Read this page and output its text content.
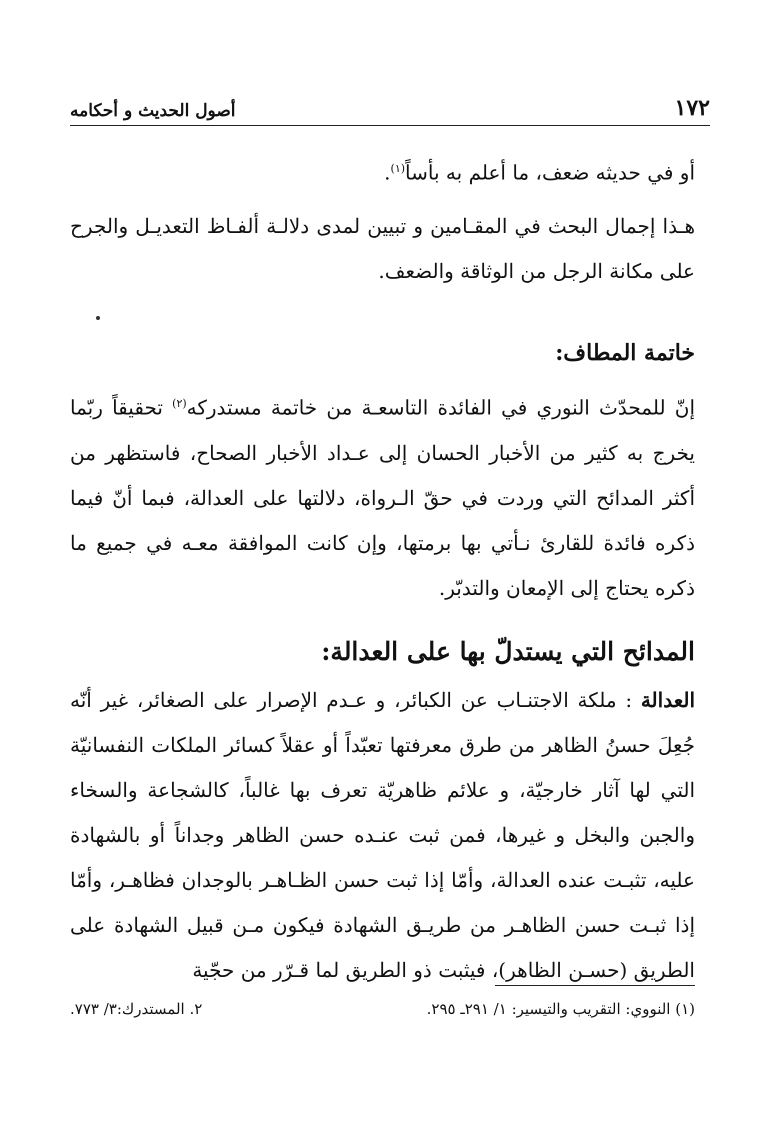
١٧٢
أصول الحديث و أحكامه

أو في حديثه ضعف، ما أعلم به بأساً$^{(١)}$.

هـذا إجمال البحث في المقـامين و تبيين لمدى دلالـة ألفـاظ التعديـل والجرح على مكانة الرجل من الوثاقة والضعف.

خاتمة المطاف:

إنّ للمحدّث النوري في الفائدة التاسعـة من خاتمة مستدركه$^{(٢)}$ تحقيقاً ربّما يخرج به كثير من الأخبار الحسان إلى عـداد الأخبار الصحاح، فاستظهر من أكثر المدائح التي وردت في حقّ الـرواة، دلالتها على العدالة، فبما أنّ فيما ذكره فائدة للقارئ نـأتي بها برمتها، وإن كانت الموافقة معـه في جميع ما ذكره يحتاج إلى الإمعان والتدبّر.

المدائح التي يستدلّ بها على العدالة:

العدالة : ملكة الاجتنـاب عن الكبائر، و عـدم الإصرار على الصغائر، غير أنّه جُعِلَ حسنُ الظاهر من طرق معرفتها تعبّداً أو عقلاً كسائر الملكات النفسانيّة التي لها آثار خارجيّة، و علائم ظاهريّة تعرف بها غالباً، كالشجاعة والسخاء والجبن والبخل و غيرها، فمن ثبت عنـده حسن الظاهر وجداناً أو بالشهادة عليه، تثبـت عنده العدالة، وأمّا إذا ثبت حسن الظـاهـر بالوجدان فظاهـر، وأمّا إذا ثبـت حسن الظاهـر من طريـق الشهادة فيكون مـن قبيل الشهادة على الطريق (حسـن الظاهر)، فيثبت ذو الطريق لما قـرّر من حجّية

(١) النووي: التقريب والتيسير: ١/ ٢٩١ـ ٢٩٥.
٢. المستدرك:٣/ ٧٧٣.
